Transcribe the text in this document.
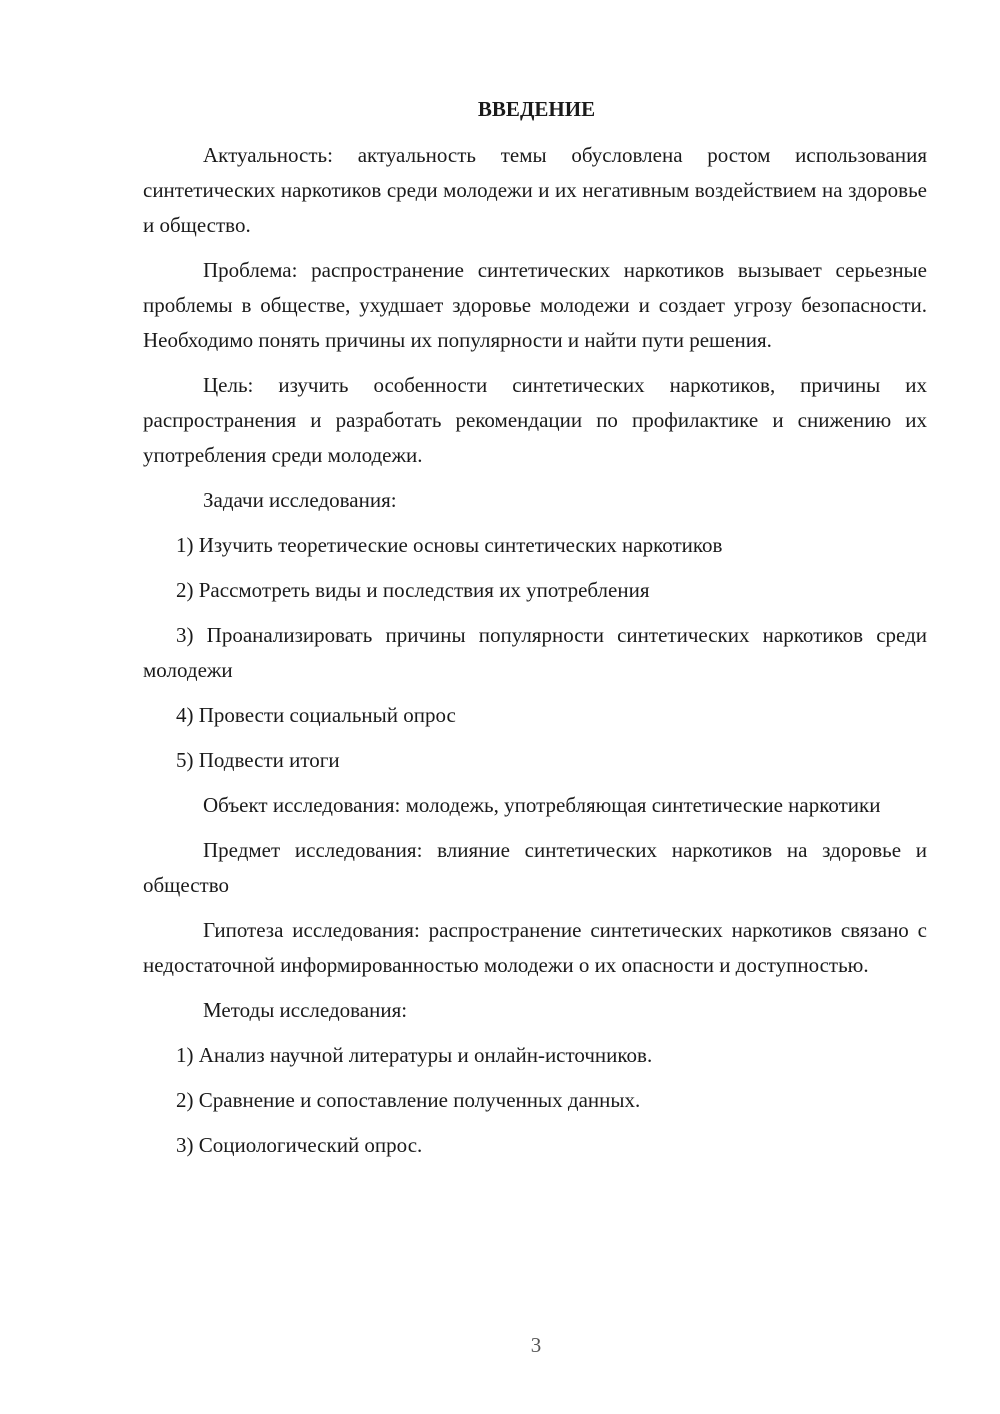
ВВЕДЕНИЕ

Актуальность: актуальность темы обусловлена ростом использования синтетических наркотиков среди молодежи и их негативным воздействием на здоровье и общество.

Проблема: распространение синтетических наркотиков вызывает серьезные проблемы в обществе, ухудшает здоровье молодежи и создает угрозу безопасности. Необходимо понять причины их популярности и найти пути решения.

Цель: изучить особенности синтетических наркотиков, причины их распространения и разработать рекомендации по профилактике и снижению их употребления среди молодежи.

Задачи исследования:

1) Изучить теоретические основы синтетических наркотиков

2) Рассмотреть виды и последствия их употребления

3) Проанализировать причины популярности синтетических наркотиков среди молодежи

4) Провести социальный опрос

5) Подвести итоги

Объект исследования: молодежь, употребляющая синтетические наркотики

Предмет исследования: влияние синтетических наркотиков на здоровье и общество

Гипотеза исследования: распространение синтетических наркотиков связано с недостаточной информированностью молодежи о их опасности и доступностью.

Методы исследования:

1) Анализ научной литературы и онлайн-источников.

2) Сравнение и сопоставление полученных данных.

3) Социологический опрос.

3
